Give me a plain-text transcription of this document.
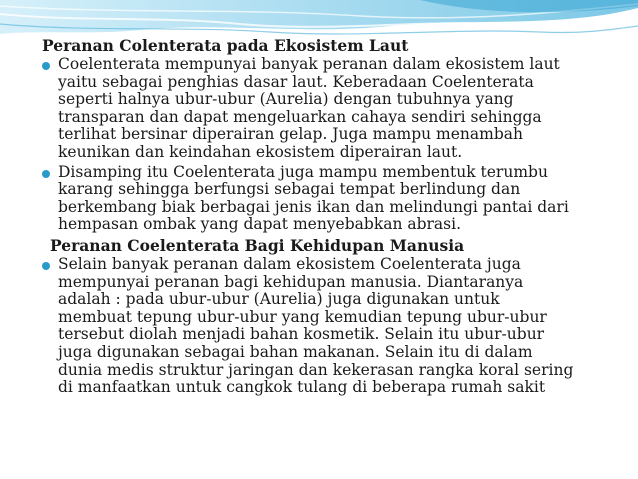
Peranan Colenterata pada Ekosistem Laut

Coelenterata mempunyai banyak peranan dalam ekosistem laut
yaitu sebagai penghias dasar laut. Keberadaan Coelenterata
seperti halnya ubur-ubur (Aurelia) dengan tubuhnya yang
transparan dan dapat mengeluarkan cahaya sendiri sehingga
terlihat bersinar diperairan gelap. Juga mampu menambah
keunikan dan keindahan ekosistem diperairan laut.
Disamping itu Coelenterata juga mampu membentuk terumbu
karang sehingga berfungsi sebagai tempat berlindung dan
berkembang biak berbagai jenis ikan dan melindungi pantai dari
hempasan ombak yang dapat menyebabkan abrasi.

Peranan Coelenterata Bagi Kehidupan Manusia

Selain banyak peranan dalam ekosistem Coelenterata juga
mempunyai peranan bagi kehidupan manusia. Diantaranya
adalah : pada ubur-ubur (Aurelia) juga digunakan untuk
membuat tepung ubur-ubur yang kemudian tepung ubur-ubur
tersebut diolah menjadi bahan kosmetik. Selain itu ubur-ubur
juga digunakan sebagai bahan makanan. Selain itu di dalam
dunia medis struktur jaringan dan kekerasan rangka koral sering
di manfaatkan untuk cangkok tulang di beberapa rumah sakit
